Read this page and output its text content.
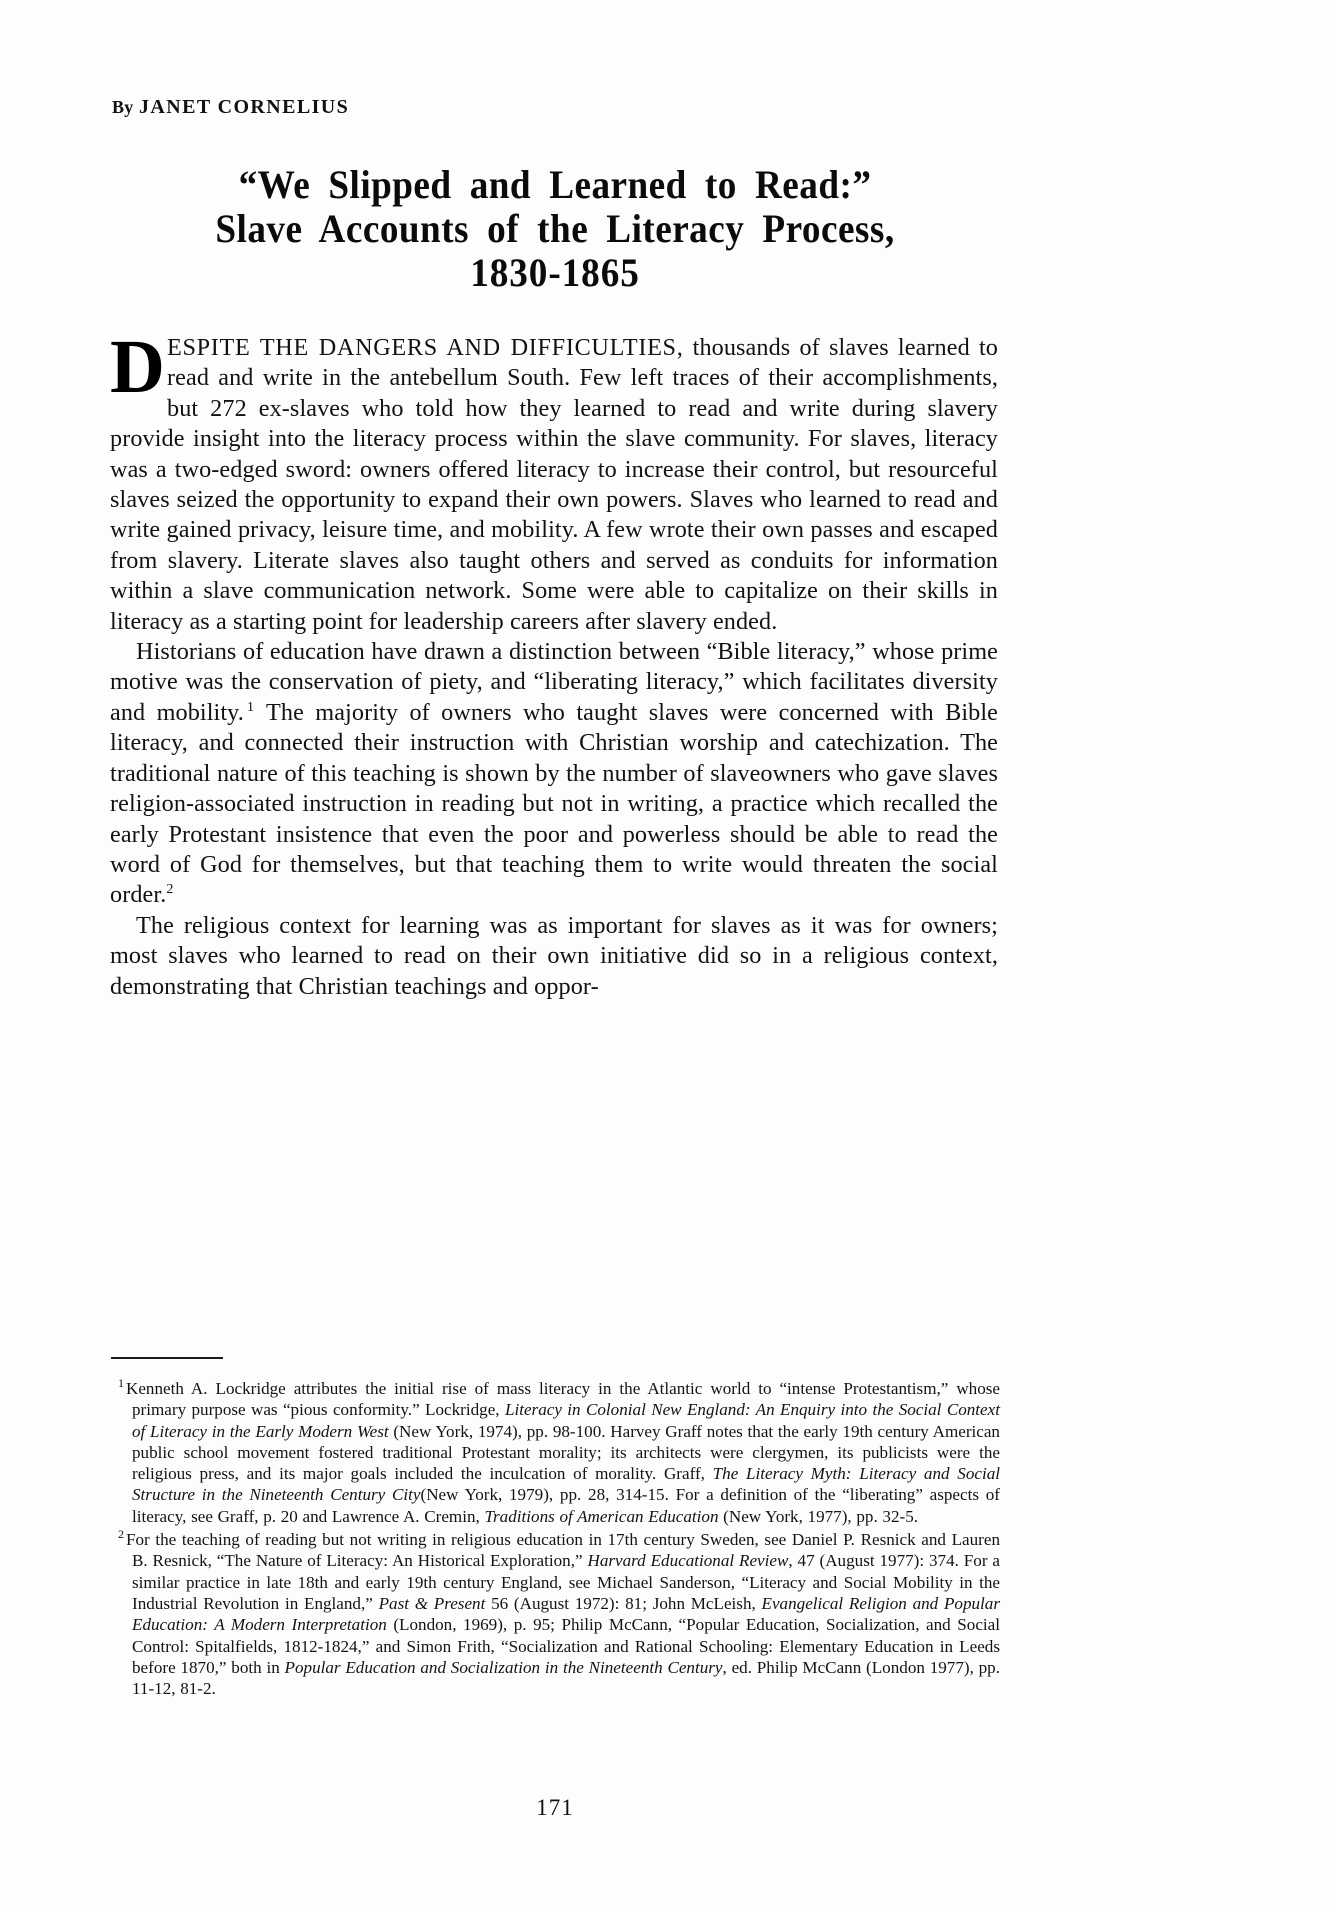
By JANET CORNELIUS
“We Slipped and Learned to Read:”
Slave Accounts of the Literacy Process,
1830-1865

DESPITE THE DANGERS AND DIFFICULTIES, thousands of slaves learned to read and write in the antebellum South. Few left traces of their accomplishments, but 272 ex-slaves who told how they learned to read and write during slavery provide insight into the literacy process within the slave community. For slaves, literacy was a two-edged sword: owners offered literacy to increase their control, but resourceful slaves seized the opportunity to expand their own powers. Slaves who learned to read and write gained privacy, leisure time, and mobility. A few wrote their own passes and escaped from slavery. Literate slaves also taught others and served as conduits for information within a slave communication network. Some were able to capitalize on their skills in literacy as a starting point for leadership careers after slavery ended.

Historians of education have drawn a distinction between “Bible literacy,” whose prime motive was the conservation of piety, and “liberating literacy,” which facilitates diversity and mobility. $^1$ The majority of owners who taught slaves were concerned with Bible literacy, and connected their instruction with Christian worship and catechization. The traditional nature of this teaching is shown by the number of slaveowners who gave slaves religion-associated instruction in reading but not in writing, a practice which recalled the early Protestant insistence that even the poor and powerless should be able to read the word of God for themselves, but that teaching them to write would threaten the social order.$^2$

The religious context for learning was as important for slaves as it was for owners; most slaves who learned to read on their own initiative did so in a religious context, demonstrating that Christian teachings and oppor-

$^1$ Kenneth A. Lockridge attributes the initial rise of mass literacy in the Atlantic world to “intense Protestantism,” whose primary purpose was “pious conformity.” Lockridge, Literacy in Colonial New England: An Enquiry into the Social Context of Literacy in the Early Modern West (New York, 1974), pp. 98-100. Harvey Graff notes that the early 19th century American public school movement fostered traditional Protestant morality; its architects were clergymen, its publicists were the religious press, and its major goals included the inculcation of morality. Graff, The Literacy Myth: Literacy and Social Structure in the Nineteenth Century City(New York, 1979), pp. 28, 314-15. For a definition of the “liberating” aspects of literacy, see Graff, p. 20 and Lawrence A. Cremin, Traditions of American Education (New York, 1977), pp. 32-5.

$^2$ For the teaching of reading but not writing in religious education in 17th century Sweden, see Daniel P. Resnick and Lauren B. Resnick, “The Nature of Literacy: An Historical Exploration,” Harvard Educational Review, 47 (August 1977): 374. For a similar practice in late 18th and early 19th century England, see Michael Sanderson, “Literacy and Social Mobility in the Industrial Revolution in England,” Past & Present 56 (August 1972): 81; John McLeish, Evangelical Religion and Popular Education: A Modern Interpretation (London, 1969), p. 95; Philip McCann, “Popular Education, Socialization, and Social Control: Spitalfields, 1812-1824,” and Simon Frith, “Socialization and Rational Schooling: Elementary Education in Leeds before 1870,” both in Popular Education and Socialization in the Nineteenth Century, ed. Philip McCann (London 1977), pp. 11-12, 81-2.

171
